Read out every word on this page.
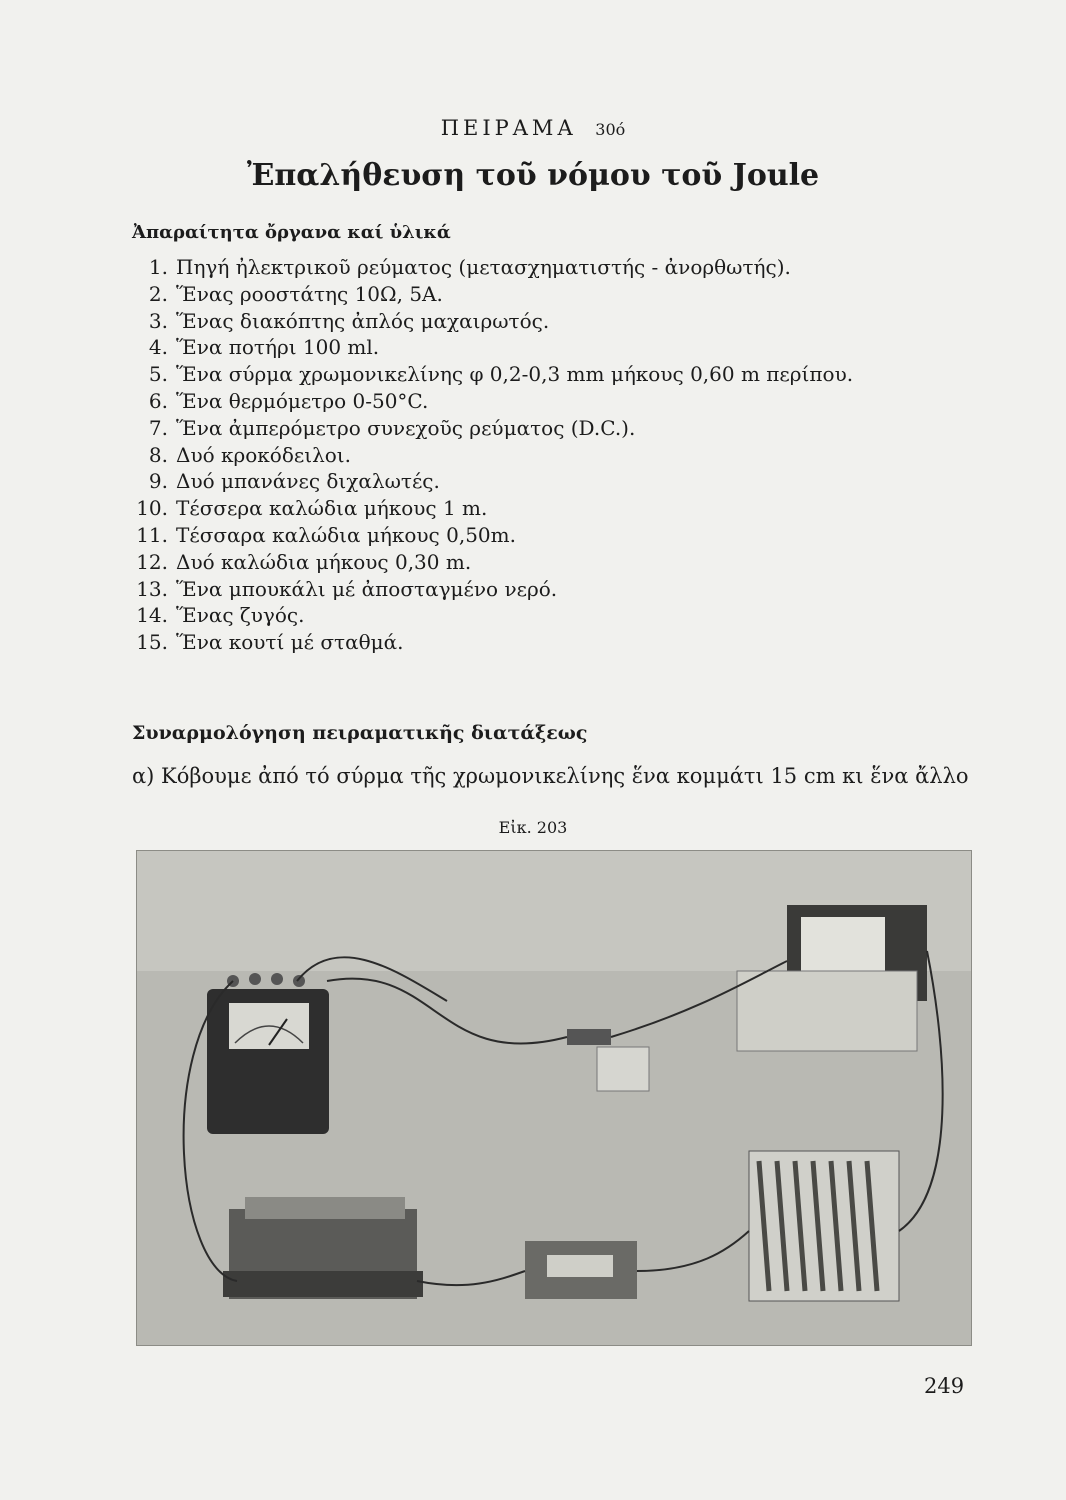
ΠΕΙΡΑΜΑ 30ό
Ἐπαλήθευση τοῦ νόμου τοῦ Joule
Ἀπαραίτητα ὄργανα καί ὑλικά
1. Πηγή ἠλεκτρικοῦ ρεύματος (μετασχηματιστής - ἀνορθωτής).
2. Ἕνας ροοστάτης 10Ω, 5Α.
3. Ἕνας διακόπτης ἀπλός μαχαιρωτός.
4. Ἕνα ποτήρι 100 ml.
5. Ἕνα σύρμα χρωμονικελίνης φ 0,2-0,3 mm μήκους 0,60 m περίπου.
6. Ἕνα θερμόμετρο 0-50°C.
7. Ἕνα ἀμπερόμετρο συνεχοῦς ρεύματος (D.C.).
8. Δυό κροκόδειλοι.
9. Δυό μπανάνες διχαλωτές.
10. Τέσσερα καλώδια μήκους 1 m.
11. Τέσσαρα καλώδια μήκους 0,50m.
12. Δυό καλώδια μήκους 0,30 m.
13. Ἕνα μπουκάλι μέ ἀποσταγμένο νερό.
14. Ἕνας ζυγός.
15. Ἕνα κουτί μέ σταθμά.
Συναρμολόγηση πειραματικῆς διατάξεως
α) Κόβουμε ἀπό τό σύρμα τῆς χρωμονικελίνης ἕνα κομμάτι 15 cm κι ἕνα ἄλλο
Εἰκ. 203
249
